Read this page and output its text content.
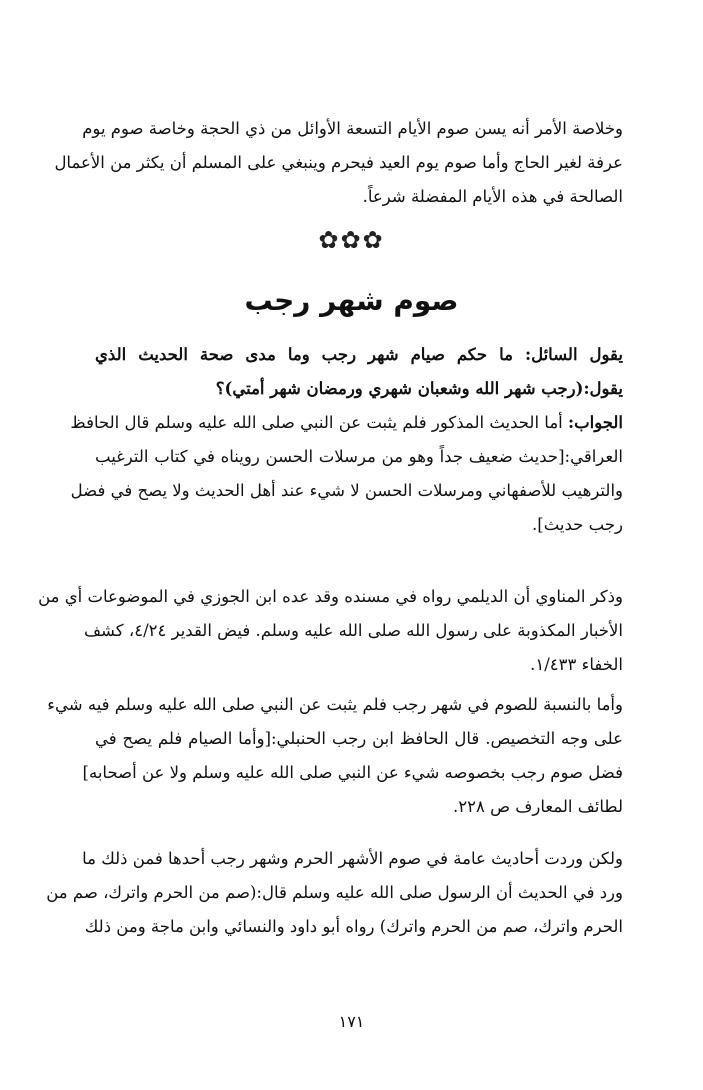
وخلاصة الأمر أنه يسن صوم الأيام التسعة الأوائل من ذي الحجة وخاصة صوم يوم
عرفة لغير الحاج وأما صوم يوم العيد فيحرم وينبغي على المسلم أن يكثر من الأعمال
الصالحة في هذه الأيام المفضلة شرعاً.
✿✿✿
صوم شهر رجب
يقول السائل: ما حكم صيام شهر رجب وما مدى صحة الحديث الذي
يقول:(رجب شهر الله وشعبان شهري ورمضان شهر أمتي)؟
الجواب: أما الحديث المذكور فلم يثبت عن النبي صلى الله عليه وسلم قال الحافظ
العراقي:[حديث ضعيف جداً وهو من مرسلات الحسن رويناه في كتاب الترغيب
والترهيب للأصفهاني ومرسلات الحسن لا شيء عند أهل الحديث ولا يصح في فضل
رجب حديث].
وذكر المناوي أن الديلمي رواه في مسنده وقد عده ابن الجوزي في الموضوعات أي من
الأخبار المكذوبة على رسول الله صلى الله عليه وسلم. فيض القدير ٤/٢٤، كشف
الخفاء ١/٤٣٣.
وأما بالنسبة للصوم في شهر رجب فلم يثبت عن النبي صلى الله عليه وسلم فيه شيء
على وجه التخصيص. قال الحافظ ابن رجب الحنبلي:[وأما الصيام فلم يصح في
فضل صوم رجب بخصوصه شيء عن النبي صلى الله عليه وسلم ولا عن أصحابه]
لطائف المعارف ص ٢٢٨.
ولكن وردت أحاديث عامة في صوم الأشهر الحرم وشهر رجب أحدها فمن ذلك ما
ورد في الحديث أن الرسول صلى الله عليه وسلم قال:(صم من الحرم واترك، صم من
الحرم واترك، صم من الحرم واترك) رواه أبو داود والنسائي وابن ماجة ومن ذلك
١٧١
